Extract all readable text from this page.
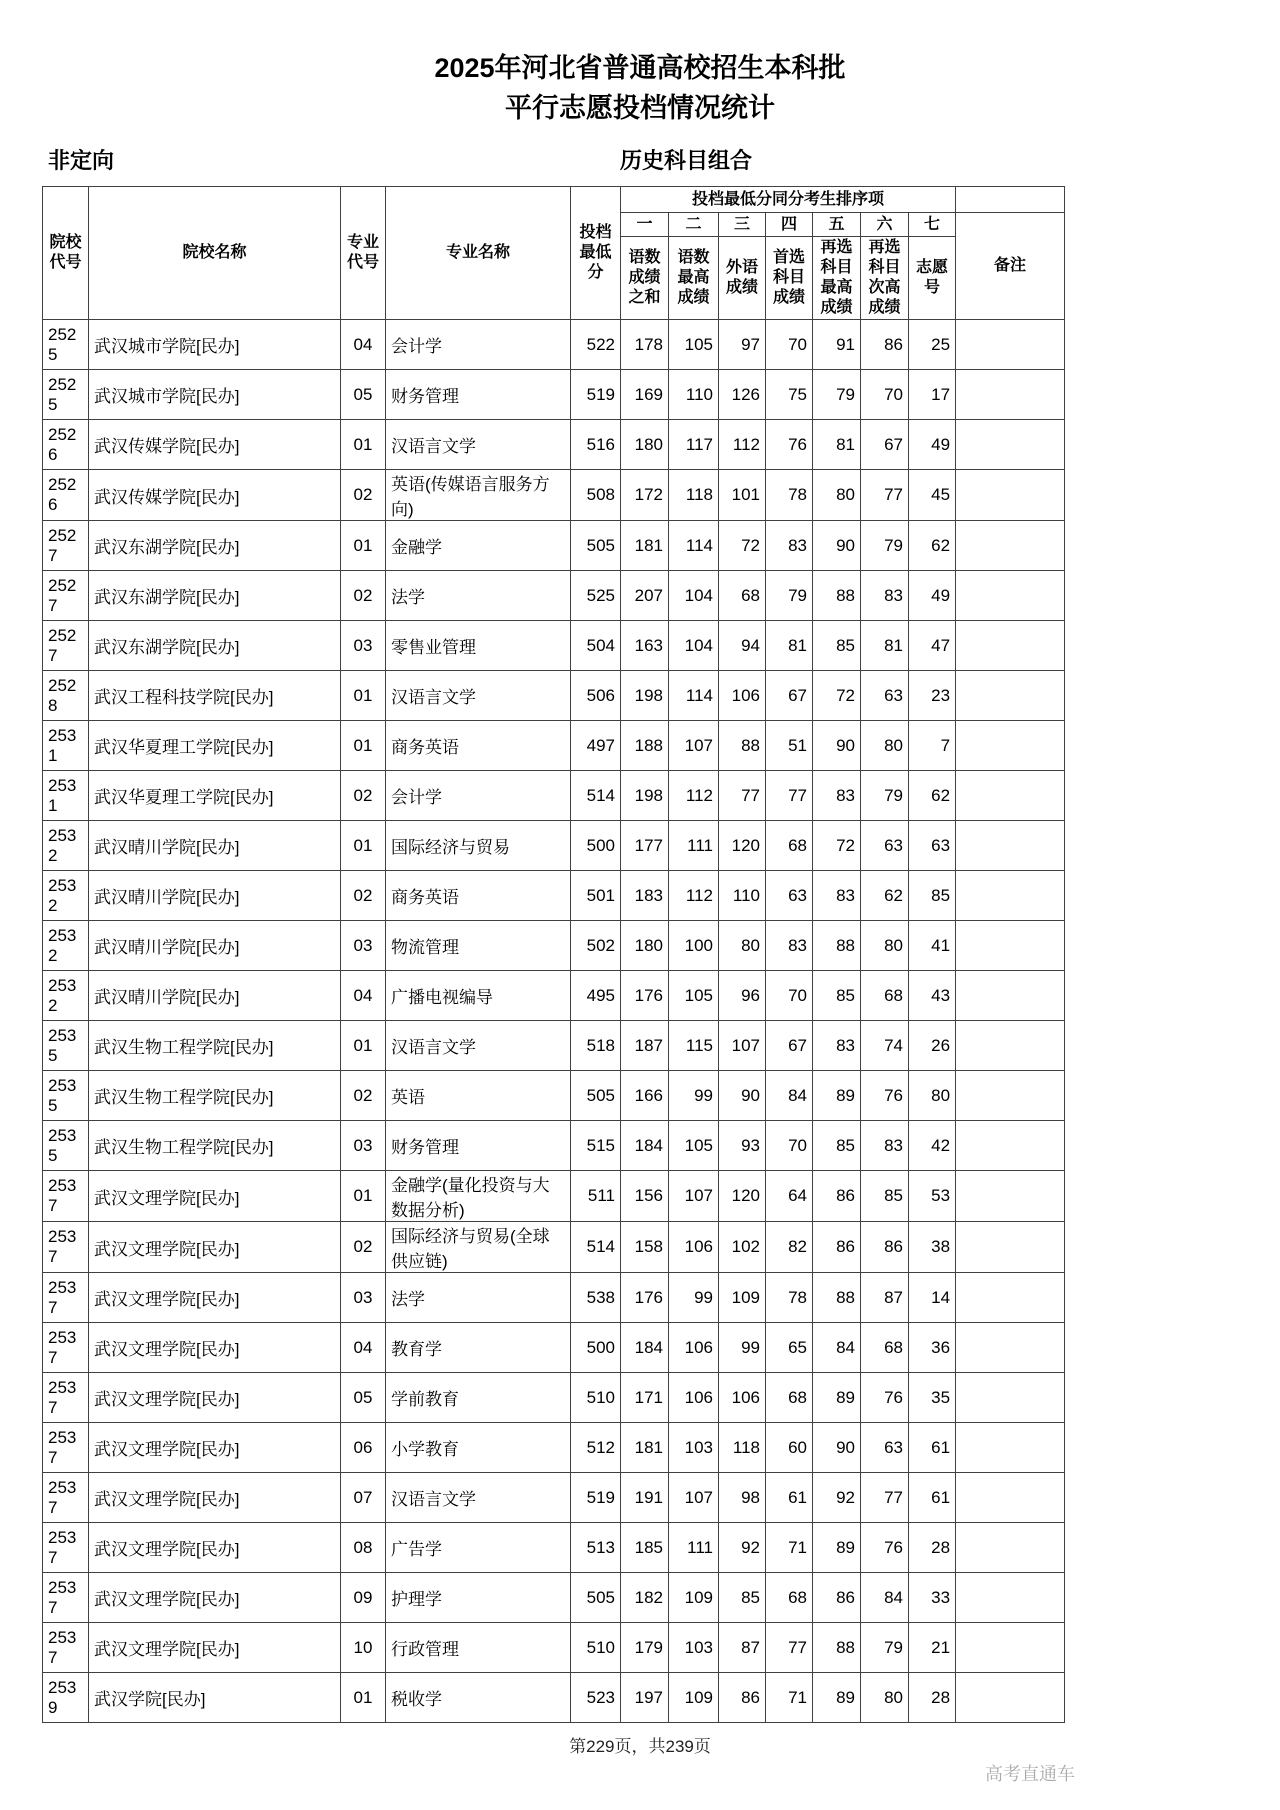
2025年河北省普通高校招生本科批
平行志愿投档情况统计
非定向	历史科目组合
院校代号	院校名称	专业代号	专业名称	投档最低分	投档最低分同分考生排序项							
					一	二	三	四	五	六	七	备注
					语数成绩之和	语数最高成绩	外语成绩	首选科目成绩	再选科目最高成绩	再选科目次高成绩	志愿号	
2525	武汉城市学院[民办]	04	会计学	522	178	105	97	70	91	86	25	
2525	武汉城市学院[民办]	05	财务管理	519	169	110	126	75	79	70	17	
2526	武汉传媒学院[民办]	01	汉语言文学	516	180	117	112	76	81	67	49	
2526	武汉传媒学院[民办]	02	英语(传媒语言服务方向)	508	172	118	101	78	80	77	45	
2527	武汉东湖学院[民办]	01	金融学	505	181	114	72	83	90	79	62	
2527	武汉东湖学院[民办]	02	法学	525	207	104	68	79	88	83	49	
2527	武汉东湖学院[民办]	03	零售业管理	504	163	104	94	81	85	81	47	
2528	武汉工程科技学院[民办]	01	汉语言文学	506	198	114	106	67	72	63	23	
2531	武汉华夏理工学院[民办]	01	商务英语	497	188	107	88	51	90	80	7	
2531	武汉华夏理工学院[民办]	02	会计学	514	198	112	77	77	83	79	62	
2532	武汉晴川学院[民办]	01	国际经济与贸易	500	177	111	120	68	72	63	63	
2532	武汉晴川学院[民办]	02	商务英语	501	183	112	110	63	83	62	85	
2532	武汉晴川学院[民办]	03	物流管理	502	180	100	80	83	88	80	41	
2532	武汉晴川学院[民办]	04	广播电视编导	495	176	105	96	70	85	68	43	
2535	武汉生物工程学院[民办]	01	汉语言文学	518	187	115	107	67	83	74	26	
2535	武汉生物工程学院[民办]	02	英语	505	166	99	90	84	89	76	80	
2535	武汉生物工程学院[民办]	03	财务管理	515	184	105	93	70	85	83	42	
2537	武汉文理学院[民办]	01	金融学(量化投资与大数据分析)	511	156	107	120	64	86	85	53	
2537	武汉文理学院[民办]	02	国际经济与贸易(全球供应链)	514	158	106	102	82	86	86	38	
2537	武汉文理学院[民办]	03	法学	538	176	99	109	78	88	87	14	
2537	武汉文理学院[民办]	04	教育学	500	184	106	99	65	84	68	36	
2537	武汉文理学院[民办]	05	学前教育	510	171	106	106	68	89	76	35	
2537	武汉文理学院[民办]	06	小学教育	512	181	103	118	60	90	63	61	
2537	武汉文理学院[民办]	07	汉语言文学	519	191	107	98	61	92	77	61	
2537	武汉文理学院[民办]	08	广告学	513	185	111	92	71	89	76	28	
2537	武汉文理学院[民办]	09	护理学	505	182	109	85	68	86	84	33	
2537	武汉文理学院[民办]	10	行政管理	510	179	103	87	77	88	79	21	
2539	武汉学院[民办]	01	税收学	523	197	109	86	71	89	80	28	
第229页，共239页
高考直通车
